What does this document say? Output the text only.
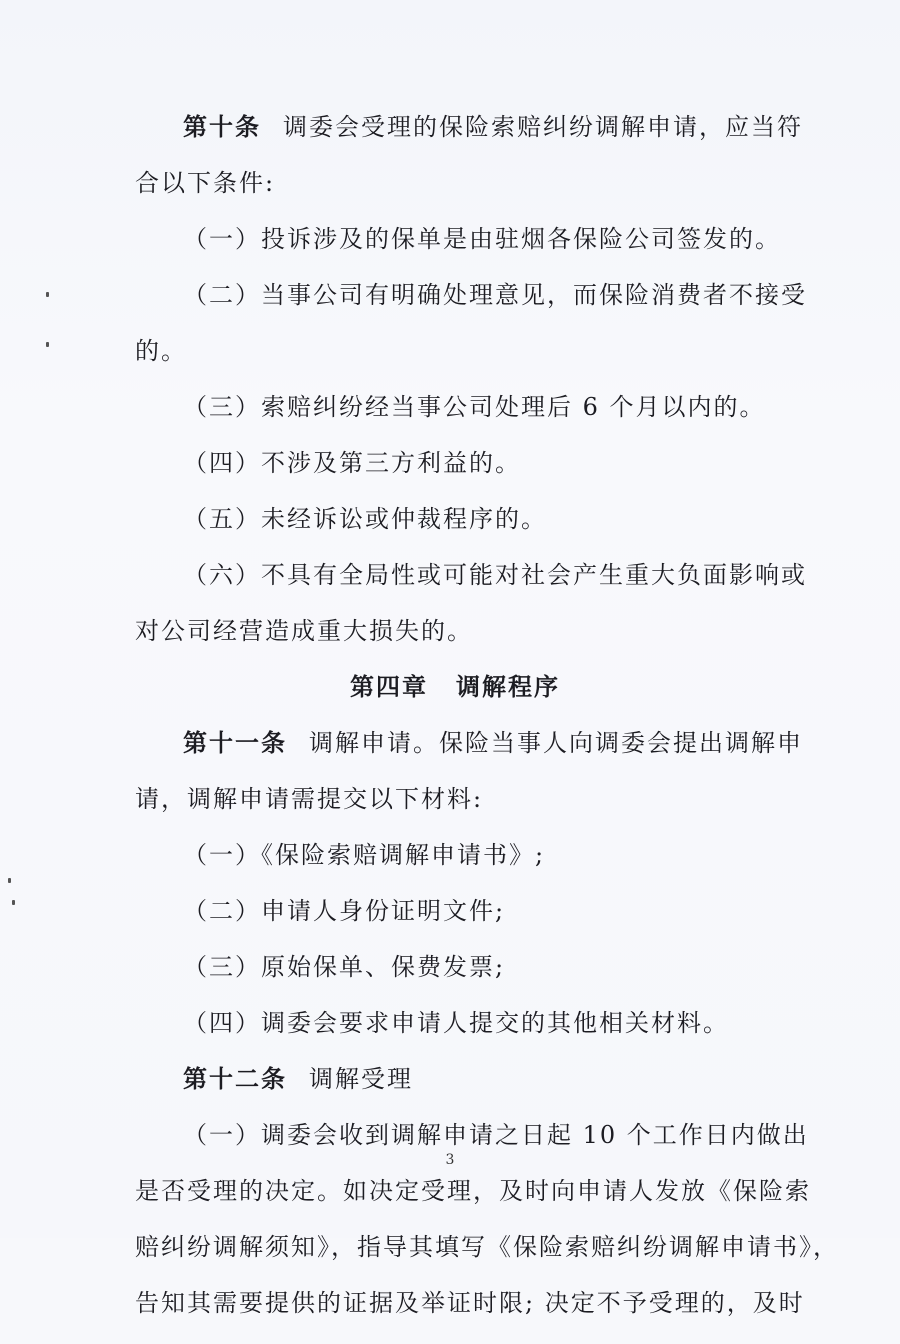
第十条 调委会受理的保险索赔纠纷调解申请，应当符
合以下条件:
（一）投诉涉及的保单是由驻烟各保险公司签发的。
（二）当事公司有明确处理意见，而保险消费者不接受
的。
（三）索赔纠纷经当事公司处理后 6 个月以内的。
（四）不涉及第三方利益的。
（五）未经诉讼或仲裁程序的。
（六）不具有全局性或可能对社会产生重大负面影响或
对公司经营造成重大损失的。
第四章 调解程序
第十一条 调解申请。保险当事人向调委会提出调解申
请，调解申请需提交以下材料:
（一）《保险索赔调解申请书》;
（二）申请人身份证明文件;
（三）原始保单、保费发票;
（四）调委会要求申请人提交的其他相关材料。
第十二条 调解受理
（一）调委会收到调解申请之日起 10 个工作日内做出
是否受理的决定。如决定受理，及时向申请人发放《保险索
赔纠纷调解须知》，指导其填写《保险索赔纠纷调解申请书》，
告知其需要提供的证据及举证时限; 决定不予受理的，及时
3
